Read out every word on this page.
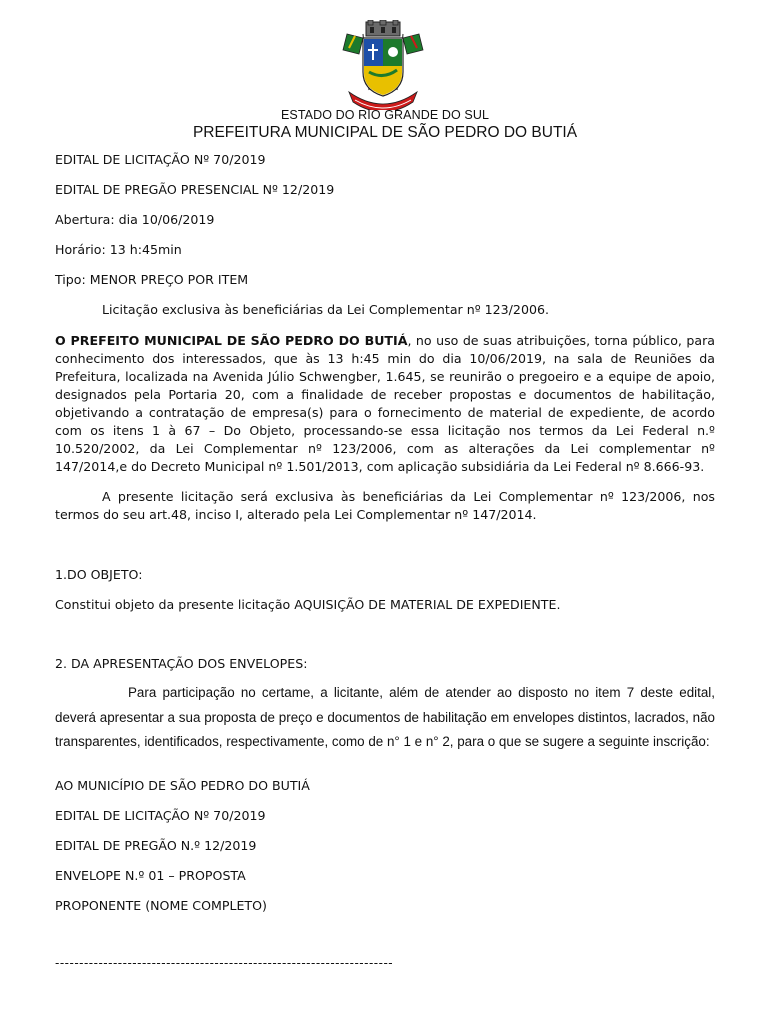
ESTADO DO RIO GRANDE DO SUL
PREFEITURA MUNICIPAL DE SÃO PEDRO DO BUTIÁ
EDITAL DE LICITAÇÃO Nº 70/2019
EDITAL DE PREGÃO PRESENCIAL Nº 12/2019
Abertura: dia 10/06/2019
Horário: 13 h:45min
Tipo: MENOR PREÇO POR ITEM
Licitação exclusiva às beneficiárias da Lei Complementar nº 123/2006.
O PREFEITO MUNICIPAL DE SÃO PEDRO DO BUTIÁ, no uso de suas atribuições, torna público, para conhecimento dos interessados, que às 13 h:45 min do dia 10/06/2019, na sala de Reuniões da Prefeitura, localizada na Avenida Júlio Schwengber, 1.645, se reunirão o pregoeiro e a equipe de apoio, designados pela Portaria 20, com a finalidade de receber propostas e documentos de habilitação, objetivando a contratação de empresa(s) para o fornecimento de material de expediente, de acordo com os itens 1 à 67 – Do Objeto, processando-se essa licitação nos termos da Lei Federal n.º 10.520/2002, da Lei Complementar nº 123/2006, com as alterações da Lei complementar nº 147/2014,e do Decreto Municipal nº 1.501/2013, com aplicação subsidiária da Lei Federal nº 8.666-93.
A presente licitação será exclusiva às beneficiárias da Lei Complementar nº 123/2006, nos termos do seu art.48, inciso I, alterado pela Lei Complementar nº 147/2014.
1.DO OBJETO:
Constitui objeto da presente licitação AQUISIÇÃO DE MATERIAL DE EXPEDIENTE.
2. DA APRESENTAÇÃO DOS ENVELOPES:
Para participação no certame, a licitante, além de atender ao disposto no item 7 deste edital, deverá apresentar a sua proposta de preço e documentos de habilitação em envelopes distintos, lacrados, não transparentes, identificados, respectivamente, como de n° 1 e n° 2, para o que se sugere a seguinte inscrição:
AO MUNICÍPIO DE SÃO PEDRO DO BUTIÁ
EDITAL DE LICITAÇÃO Nº 70/2019
EDITAL DE PREGÃO N.º 12/2019
ENVELOPE N.º 01 – PROPOSTA
PROPONENTE (NOME COMPLETO)
----------------------------------------------------------------------
